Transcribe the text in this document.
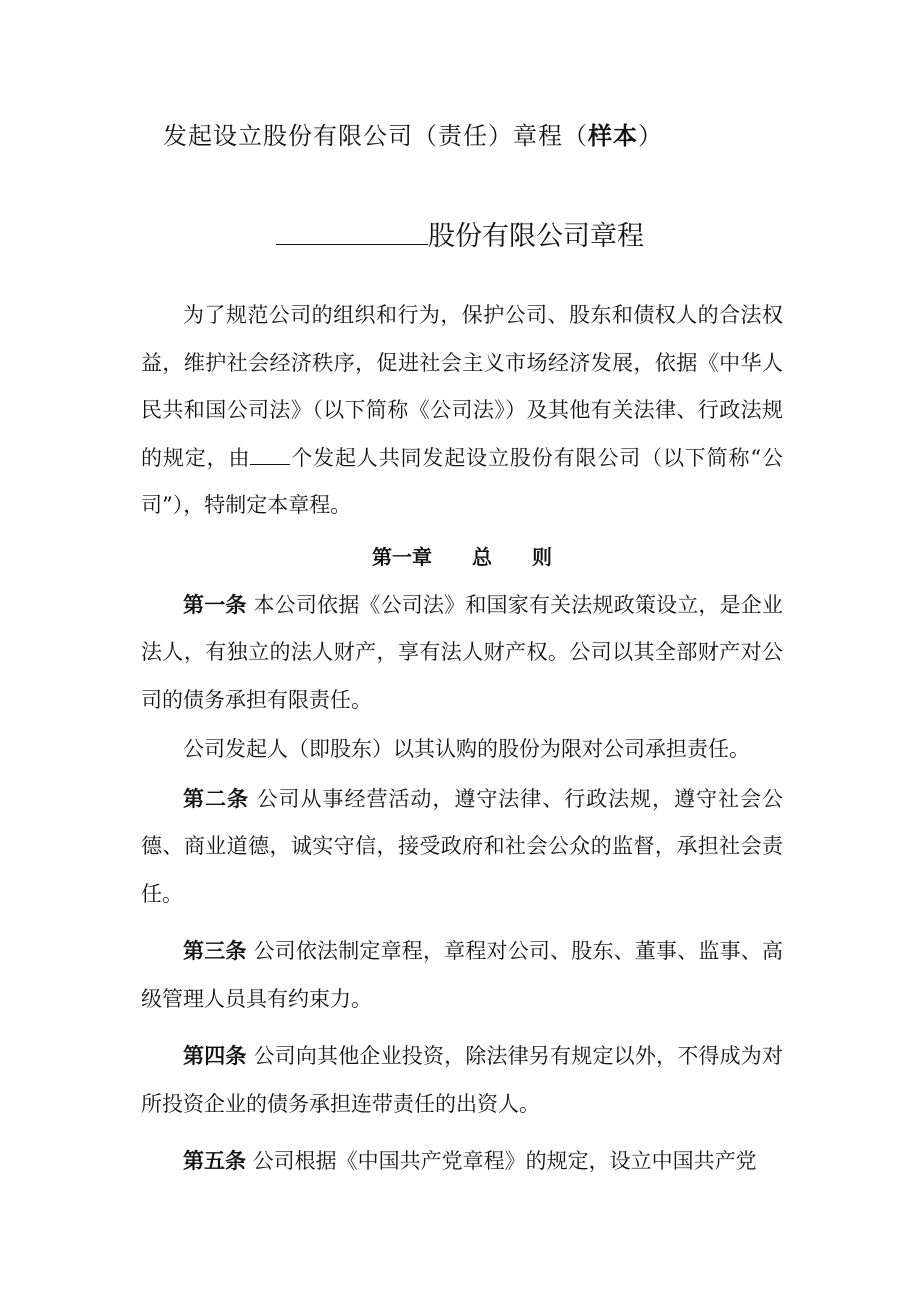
发起设立股份有限公司（责任）章程（样本）
股份有限公司章程

为了规范公司的组织和行为，保护公司、股东和债权人的合法权益，维护社会经济秩序，促进社会主义市场经济发展，依据《中华人民共和国公司法》（以下简称《公司法》）及其他有关法律、行政法规的规定，由 个发起人共同发起设立股份有限公司（以下简称“公司”），特制定本章程。

第一章　　总　　则

第一条 本公司依据《公司法》和国家有关法规政策设立，是企业法人，有独立的法人财产，享有法人财产权。公司以其全部财产对公司的债务承担有限责任。

公司发起人（即股东）以其认购的股份为限对公司承担责任。

第二条 公司从事经营活动，遵守法律、行政法规，遵守社会公德、商业道德，诚实守信，接受政府和社会公众的监督，承担社会责任。

第三条 公司依法制定章程，章程对公司、股东、董事、监事、高级管理人员具有约束力。

第四条 公司向其他企业投资，除法律另有规定以外，不得成为对所投资企业的债务承担连带责任的出资人。

第五条 公司根据《中国共产党章程》的规定，设立中国共产党
